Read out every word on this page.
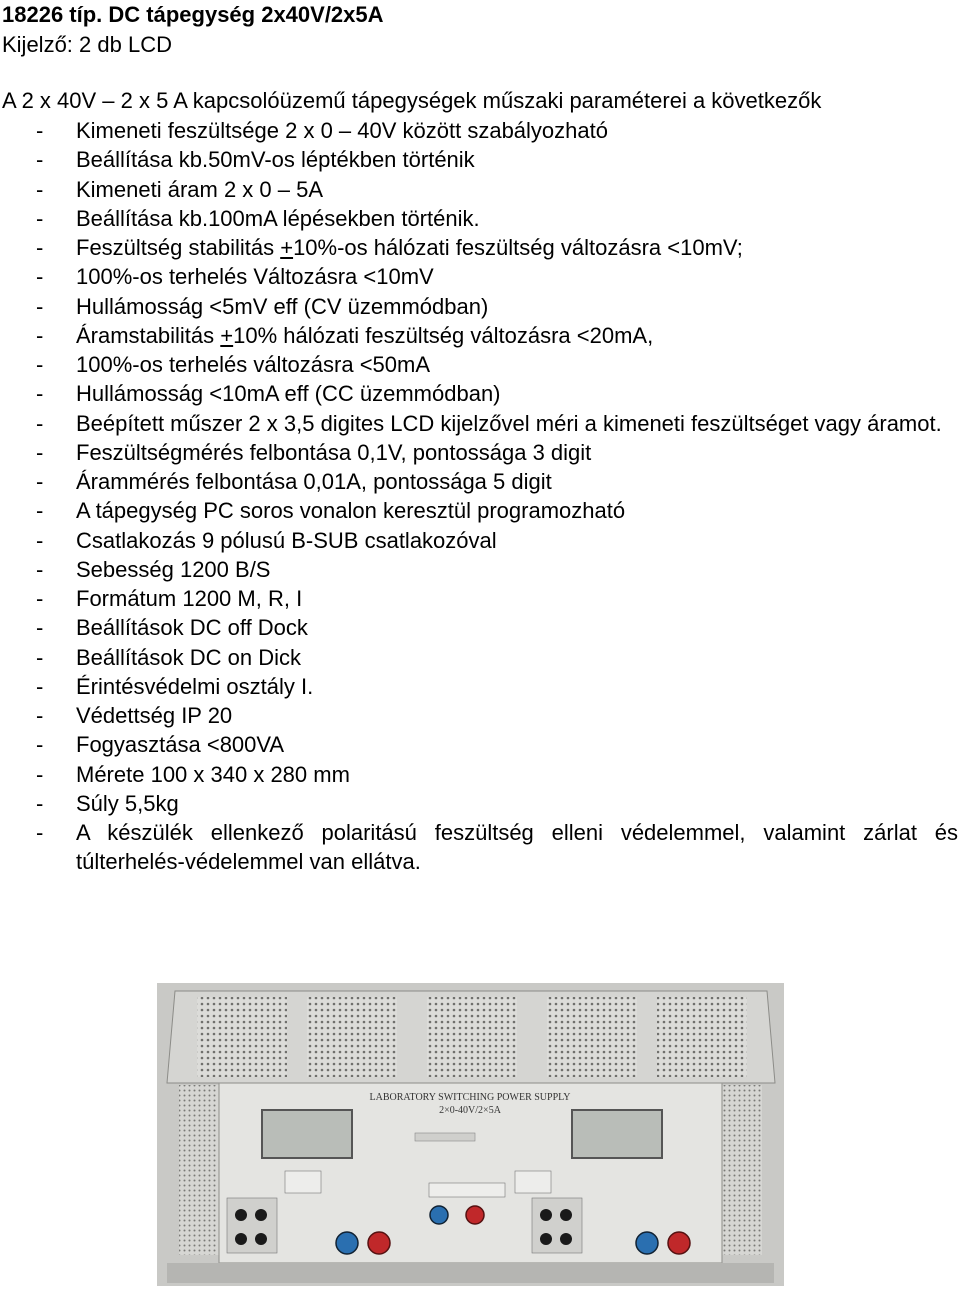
18226 típ. DC tápegység 2x40V/2x5A
Kijelző: 2 db LCD
A 2 x 40V – 2 x 5 A kapcsolóüzemű tápegységek műszaki paraméterei a következők
-	Kimeneti feszültsége 2 x 0 – 40V között szabályozható
-	Beállítása kb.50mV-os léptékben történik
-	Kimeneti áram 2 x 0 – 5A
-	Beállítása kb.100mA lépésekben történik.
-	Feszültség stabilitás +10%-os hálózati feszültség változásra <10mV;
-	100%-os terhelés Változásra <10mV
-	Hullámosság <5mV eff (CV üzemmódban)
-	Áramstabilitás +10% hálózati feszültség változásra <20mA,
-	100%-os terhelés változásra <50mA
-	Hullámosság <10mA eff (CC üzemmódban)
-	Beépített műszer 2 x 3,5 digites LCD kijelzővel méri a kimeneti feszültséget vagy áramot.
-	Feszültségmérés felbontása 0,1V, pontossága 3 digit
-	Árammérés felbontása 0,01A, pontossága 5 digit
-	A tápegység PC soros vonalon keresztül programozható
-	Csatlakozás 9 pólusú B-SUB csatlakozóval
-	Sebesség 1200 B/S
-	Formátum 1200 M, R, I
-	Beállítások DC off Dock
-	Beállítások DC on Dick
-	Érintésvédelmi osztály I.
-	Védettség IP 20
-	Fogyasztása <800VA
-	Mérete 100 x 340 x 280 mm
-	Súly 5,5kg
-	A készülék ellenkező polaritású feszültség elleni védelemmel, valamint zárlat és túlterhelés-védelemmel van ellátva.
LABORATORY SWITCHING POWER SUPPLY
2×0-40V/2×5A
